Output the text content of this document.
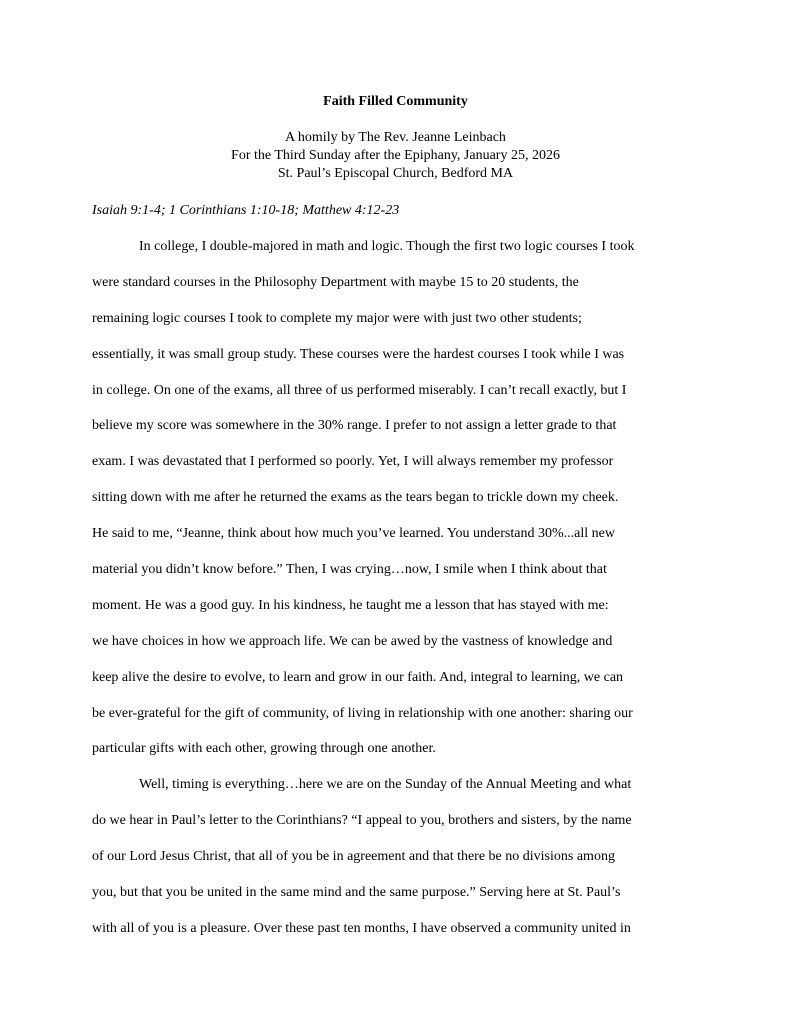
Faith Filled Community
A homily by The Rev. Jeanne Leinbach
For the Third Sunday after the Epiphany, January 25, 2026
St. Paul’s Episcopal Church, Bedford MA
Isaiah 9:1-4; 1 Corinthians 1:10-18; Matthew 4:12-23
In college, I double-majored in math and logic. Though the first two logic courses I took
were standard courses in the Philosophy Department with maybe 15 to 20 students, the
remaining logic courses I took to complete my major were with just two other students;
essentially, it was small group study. These courses were the hardest courses I took while I was
in college. On one of the exams, all three of us performed miserably. I can’t recall exactly, but I
believe my score was somewhere in the 30% range. I prefer to not assign a letter grade to that
exam. I was devastated that I performed so poorly. Yet, I will always remember my professor
sitting down with me after he returned the exams as the tears began to trickle down my cheek.
He said to me, “Jeanne, think about how much you’ve learned. You understand 30%...all new
material you didn’t know before.” Then, I was crying…now, I smile when I think about that
moment. He was a good guy. In his kindness, he taught me a lesson that has stayed with me:
we have choices in how we approach life. We can be awed by the vastness of knowledge and
keep alive the desire to evolve, to learn and grow in our faith. And, integral to learning, we can
be ever-grateful for the gift of community, of living in relationship with one another: sharing our
particular gifts with each other, growing through one another.
Well, timing is everything…here we are on the Sunday of the Annual Meeting and what
do we hear in Paul’s letter to the Corinthians? “I appeal to you, brothers and sisters, by the name
of our Lord Jesus Christ, that all of you be in agreement and that there be no divisions among
you, but that you be united in the same mind and the same purpose.” Serving here at St. Paul’s
with all of you is a pleasure. Over these past ten months, I have observed a community united in
